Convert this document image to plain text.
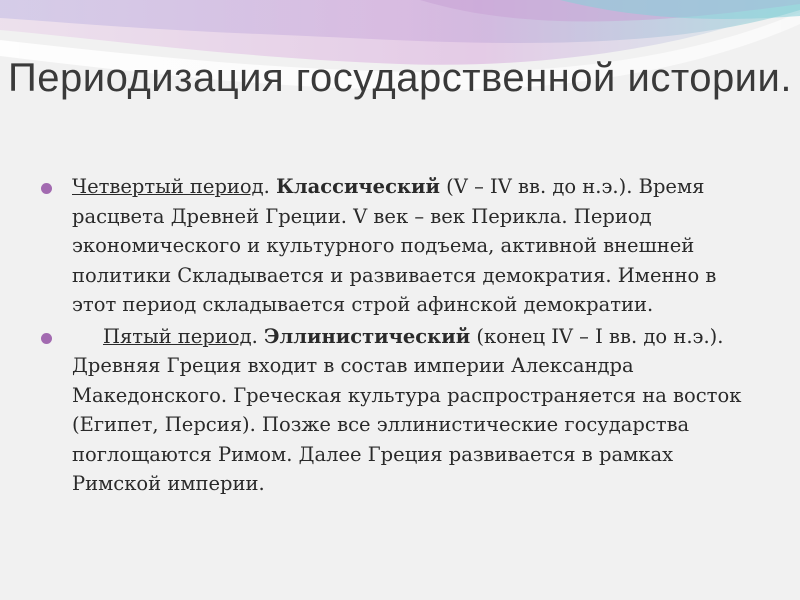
Периодизация государственной истории.

Четвертый период. Классический (V – IV вв. до н.э.). Время расцвета Древней Греции. V век – век Перикла. Период экономического и культурного подъема, активной внешней политики Складывается и развивается демократия. Именно в этот период складывается строй афинской демократии.

Пятый период. Эллинистический (конец IV – I вв. до н.э.). Древняя Греция входит в состав империи Александра Македонского. Греческая культура распространяется на восток (Египет, Персия). Позже все эллинистические государства поглощаются Римом. Далее Греция развивается в рамках Римской империи.
